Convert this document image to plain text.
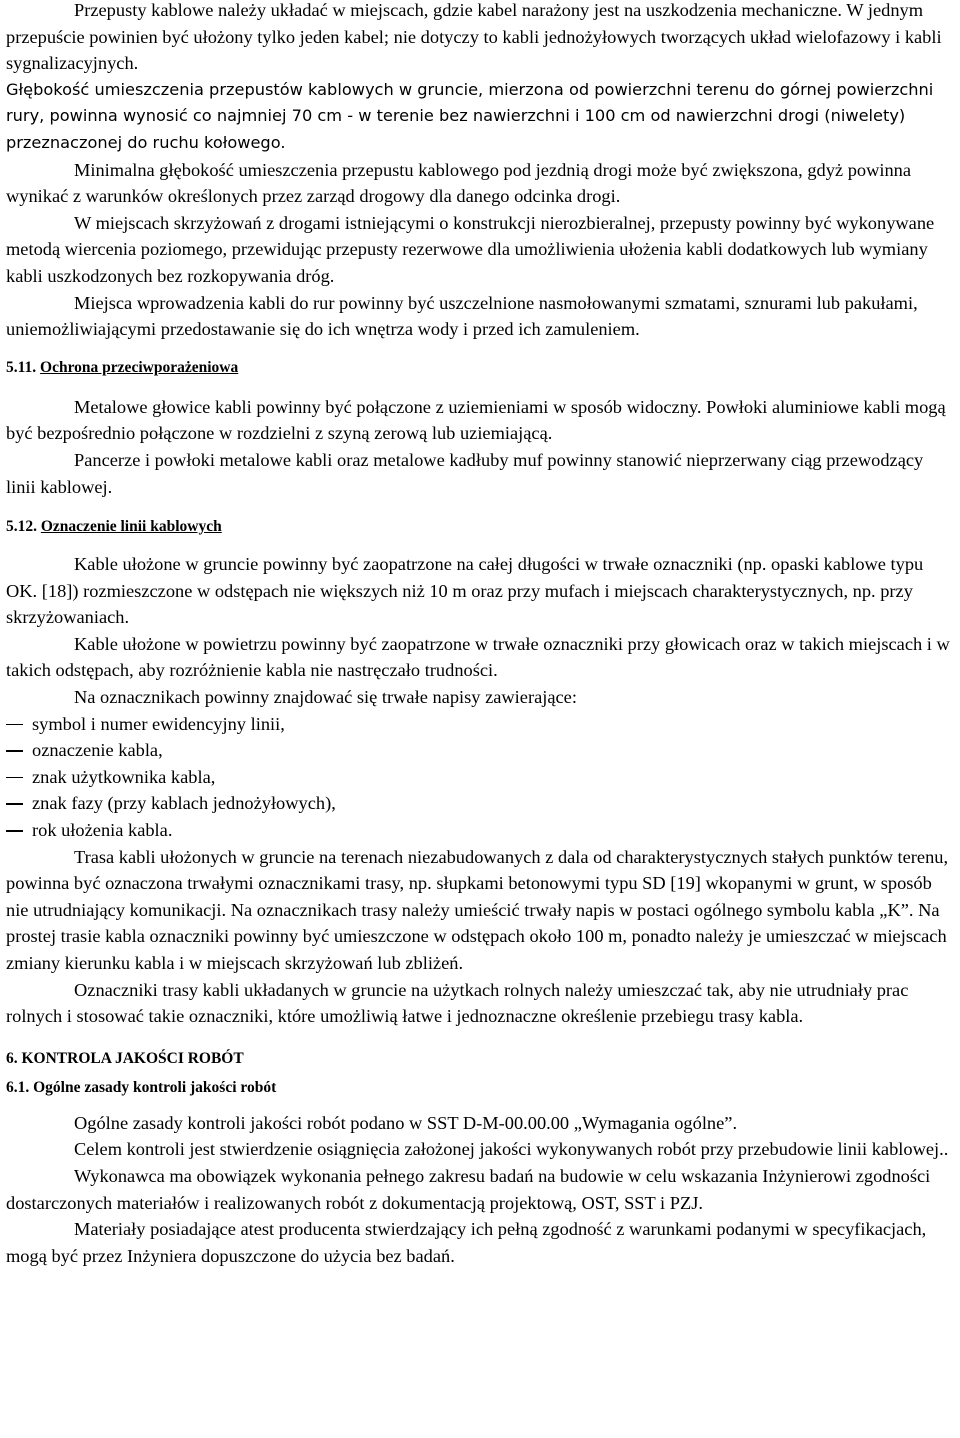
Przepusty kablowe należy układać w miejscach, gdzie kabel narażony jest na uszkodzenia mechaniczne. W jednym przepuście powinien być ułożony tylko jeden kabel; nie dotyczy to kabli jednożyłowych tworzących układ wielofazowy i kabli sygnalizacyjnych.

Głębokość umieszczenia przepustów kablowych w gruncie, mierzona od powierzchni terenu do górnej powierzchni rury, powinna wynosić co najmniej 70 cm - w terenie bez nawierzchni i 100 cm od nawierzchni drogi (niwelety) przeznaczonej do ruchu kołowego.

Minimalna głębokość umieszczenia przepustu kablowego pod jezdnią drogi może być zwiększona, gdyż powinna wynikać z warunków określonych przez zarząd drogowy dla danego odcinka drogi.

W miejscach skrzyżowań z drogami istniejącymi o konstrukcji nierozbieralnej, przepusty powinny być wykonywane metodą wiercenia poziomego, przewidując przepusty rezerwowe dla umożliwienia ułożenia kabli dodatkowych lub wymiany kabli uszkodzonych bez rozkopywania dróg.

Miejsca wprowadzenia kabli do rur powinny być uszczelnione nasmołowanymi szmatami, sznurami lub pakułami, uniemożliwiającymi przedostawanie się do ich wnętrza wody i przed ich zamuleniem.

5.11. Ochrona przeciwporażeniowa

Metalowe głowice kabli powinny być połączone z uziemieniami w sposób widoczny. Powłoki aluminiowe kabli mogą być bezpośrednio połączone w rozdzielni z szyną zerową lub uziemiającą.

Pancerze i powłoki metalowe kabli oraz metalowe kadłuby muf powinny stanowić nieprzerwany ciąg przewodzący linii kablowej.

5.12. Oznaczenie linii kablowych

Kable ułożone w gruncie powinny być zaopatrzone na całej długości w trwałe oznaczniki (np. opaski kablowe typu OK. [18]) rozmieszczone w odstępach nie większych niż 10 m oraz przy mufach i miejscach charakterystycznych, np. przy skrzyżowaniach.

Kable ułożone w powietrzu powinny być zaopatrzone w trwałe oznaczniki przy głowicach oraz w takich miejscach i w takich odstępach, aby rozróżnienie kabla nie nastręczało trudności.

Na oznacznikach powinny znajdować się trwałe napisy zawierające:

symbol i numer ewidencyjny linii,
oznaczenie kabla,
znak użytkownika kabla,
znak fazy (przy kablach jednożyłowych),
rok ułożenia kabla.

Trasa kabli ułożonych w gruncie na terenach niezabudowanych z dala od charakterystycznych stałych punktów terenu, powinna być oznaczona trwałymi oznacznikami trasy, np. słupkami betonowymi typu SD [19] wkopanymi w grunt, w sposób nie utrudniający komunikacji. Na oznacznikach trasy należy umieścić trwały napis w postaci ogólnego symbolu kabla „K”. Na prostej trasie kabla oznaczniki powinny być umieszczone w odstępach około 100 m, ponadto należy je umieszczać w miejscach zmiany kierunku kabla i w miejscach skrzyżowań lub zbliżeń.

Oznaczniki trasy kabli układanych w gruncie na użytkach rolnych należy umieszczać tak, aby nie utrudniały prac rolnych i stosować takie oznaczniki, które umożliwią łatwe i jednoznaczne określenie przebiegu trasy kabla.

6. KONTROLA JAKOŚCI ROBÓT
6.1. Ogólne zasady kontroli jakości robót

Ogólne zasady kontroli jakości robót podano w SST D-M-00.00.00 „Wymagania ogólne”.

Celem kontroli jest stwierdzenie osiągnięcia założonej jakości wykonywanych robót przy przebudowie linii kablowej..

Wykonawca ma obowiązek wykonania pełnego zakresu badań na budowie w celu wskazania Inżynierowi zgodności dostarczonych materiałów i realizowanych robót z dokumentacją projektową, OST, SST i PZJ.

Materiały posiadające atest producenta stwierdzający ich pełną zgodność z warunkami podanymi w specyfikacjach, mogą być przez Inżyniera dopuszczone do użycia bez badań.
